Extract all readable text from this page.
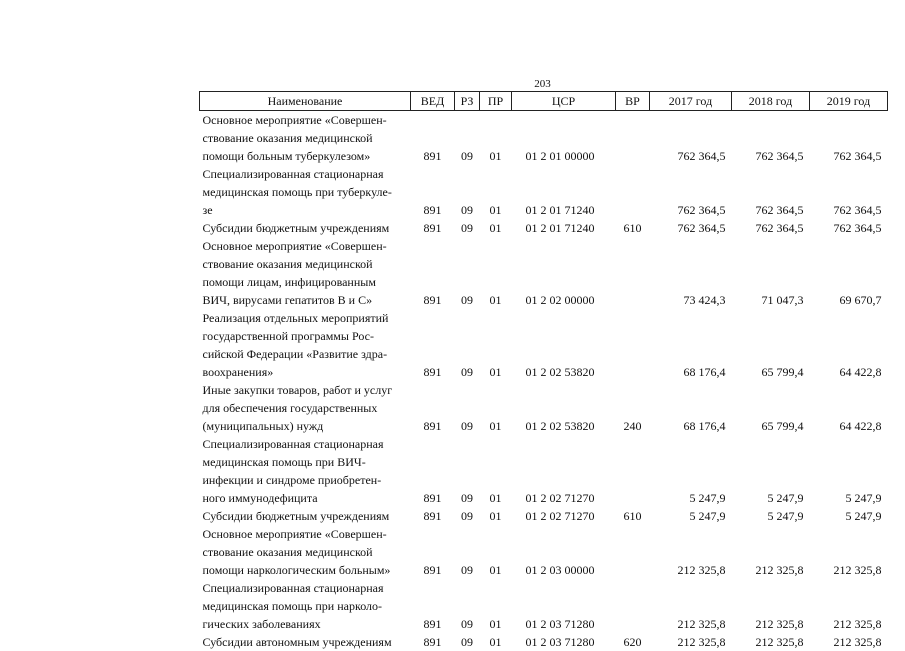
203
Наименование	ВЕД	РЗ	ПР	ЦСР	ВР	2017 год	2018 год	2019 год

Основное мероприятие «Совершен-
ствование оказания медицинской
помощи больным туберкулезом»	891	09	01	01 2 01 00000		762 364,5	762 364,5	762 364,5

Специализированная стационарная
медицинская помощь при туберкуле-
зе	891	09	01	01 2 01 71240		762 364,5	762 364,5	762 364,5

Субсидии бюджетным учреждениям	891	09	01	01 2 01 71240	610	762 364,5	762 364,5	762 364,5

Основное мероприятие «Совершен-
ствование оказания медицинской
помощи лицам, инфицированным
ВИЧ, вирусами гепатитов В и С»	891	09	01	01 2 02 00000		73 424,3	71 047,3	69 670,7

Реализация отдельных мероприятий
государственной программы Рос-
сийской Федерации «Развитие здра-
воохранения»	891	09	01	01 2 02 53820		68 176,4	65 799,4	64 422,8

Иные закупки товаров, работ и услуг
для обеспечения государственных
(муниципальных) нужд	891	09	01	01 2 02 53820	240	68 176,4	65 799,4	64 422,8

Специализированная стационарная
медицинская помощь при ВИЧ-
инфекции и синдроме приобретен-
ного иммунодефицита	891	09	01	01 2 02 71270		5 247,9	5 247,9	5 247,9

Субсидии бюджетным учреждениям	891	09	01	01 2 02 71270	610	5 247,9	5 247,9	5 247,9

Основное мероприятие «Совершен-
ствование оказания медицинской
помощи наркологическим больным»	891	09	01	01 2 03 00000		212 325,8	212 325,8	212 325,8

Специализированная стационарная
медицинская помощь при нарколо-
гических заболеваниях	891	09	01	01 2 03 71280		212 325,8	212 325,8	212 325,8

Субсидии автономным учреждениям	891	09	01	01 2 03 71280	620	212 325,8	212 325,8	212 325,8
